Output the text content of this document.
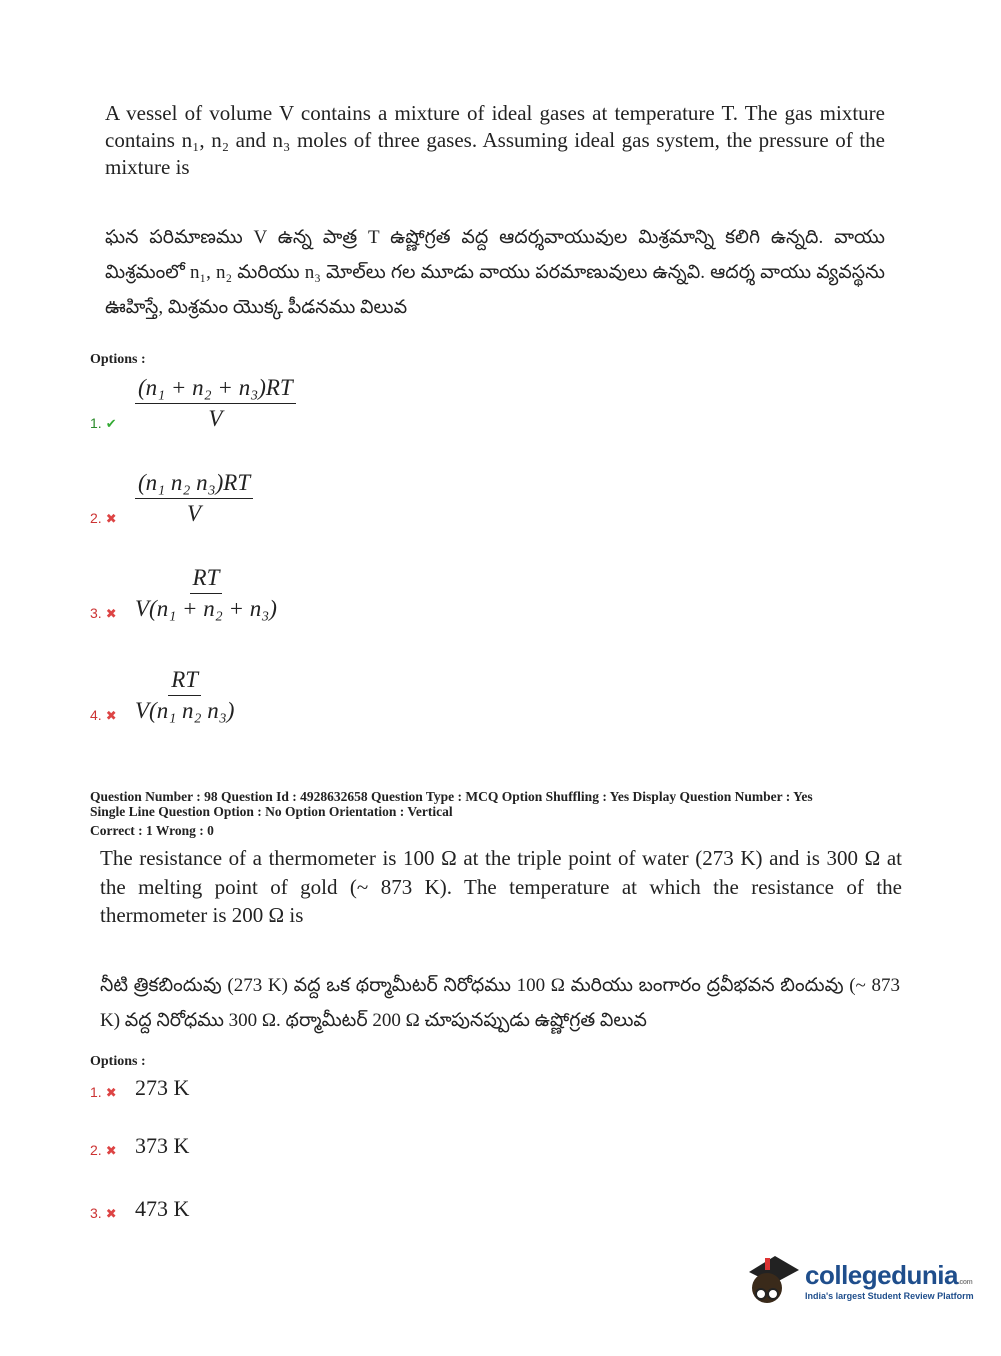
A vessel of volume V contains a mixture of ideal gases at temperature T. The gas mixture contains n₁, n₂ and n₃ moles of three gases. Assuming ideal gas system, the pressure of the mixture is
ఘన పరిమాణము V ఉన్న పాత్ర T ఉష్ణోగ్రత వద్ద ఆదర్శవాయువుల మిశ్రమాన్ని కలిగి ఉన్నది. వాయు మిశ్రమంలో n₁, n₂ మరియు n₃ మోల్‌లు గల మూడు వాయు పరమాణువులు ఉన్నవి. ఆదర్శ వాయు వ్యవస్థను ఊహిస్తే, మిశ్రమం యొక్క పీడనము విలువ
Options :
1. ✔ $\frac{\text{(n₁ + n₂ + n₃)RT}}{V}$
2. ✖ $\frac{\text{(n₁ n₂ n₃)RT}}{V}$
3. ✖ $\frac{RT}{\text{V(n₁ + n₂ + n₃)}}$
4. ✖ $\frac{RT}{\text{V(n₁ n₂ n₃)}}$
Question Number : 98 Question Id : 4928632658 Question Type : MCQ Option Shuffling : Yes Display Question Number : Yes
Single Line Question Option : No Option Orientation : Vertical
Correct : 1 Wrong : 0
The resistance of a thermometer is 100 Ω at the triple point of water (273 K) and is 300 Ω at the melting point of gold (~ 873 K). The temperature at which the resistance of the thermometer is 200 Ω is
నీటి త్రికబిందువు (273 K) వద్ద ఒక థర్మామీటర్ నిరోధము 100 Ω మరియు బంగారం ద్రవీభవన బిందువు (~ 873 K) వద్ద నిరోధము 300 Ω. థర్మామీటర్ 200 Ω చూపునప్పుడు ఉష్ణోగ్రత విలువ
Options :
1. ✖ 273 K
2. ✖ 373 K
3. ✖ 473 K
collegedunia.com
India's largest Student Review Platform
